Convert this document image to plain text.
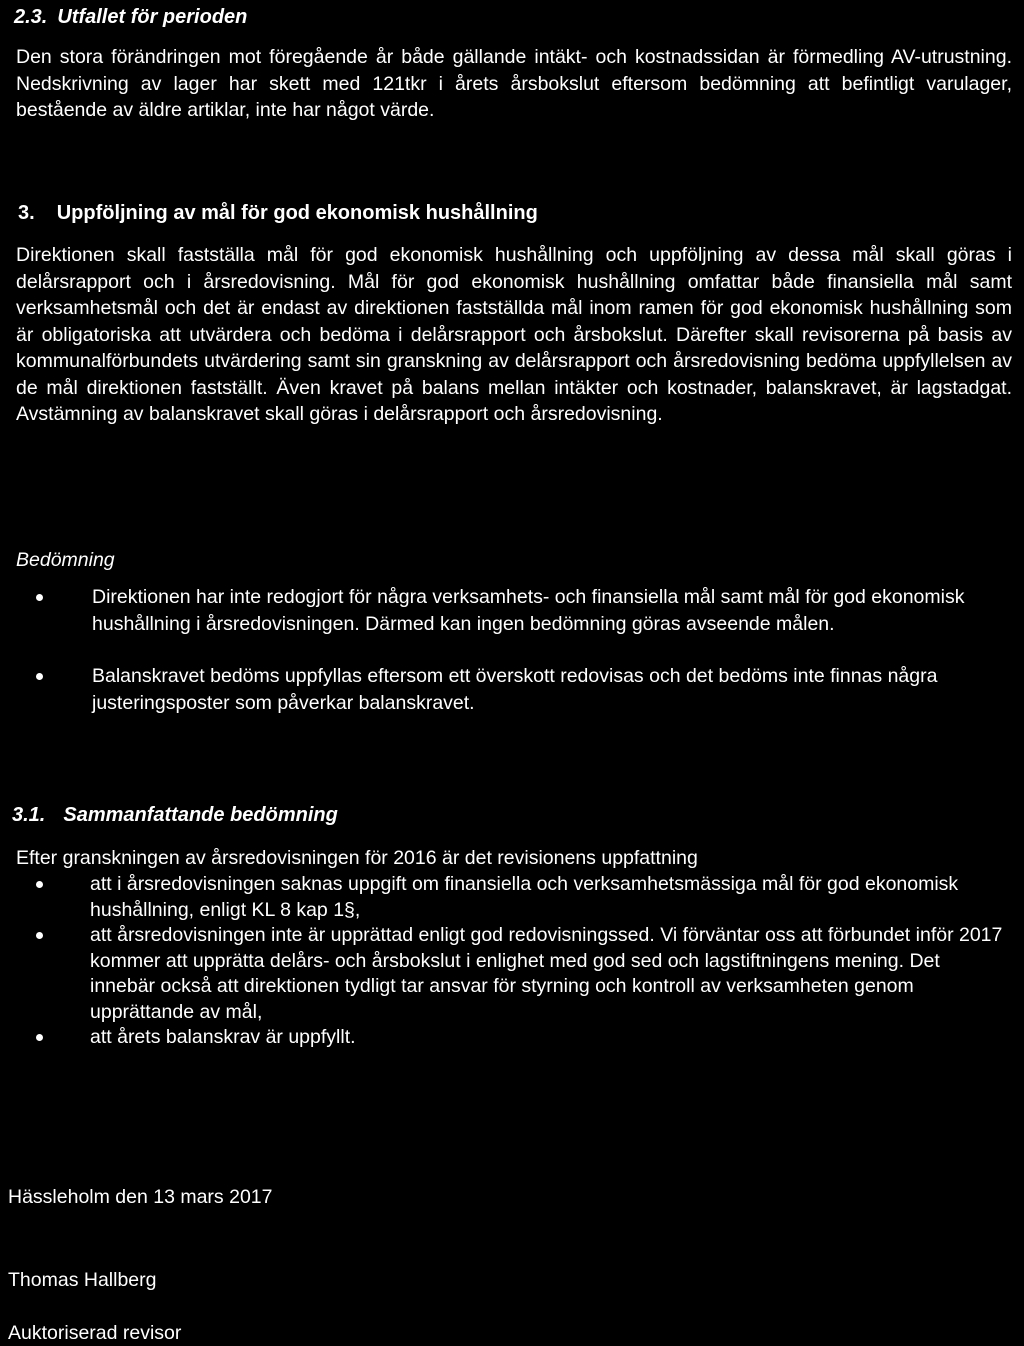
2.3. Utfallet för perioden

Den stora förändringen mot föregående år både gällande intäkt- och kostnadssidan är förmedling AV-utrustning. Nedskrivning av lager har skett med 121tkr i årets årsbokslut eftersom bedömning att befintligt varulager, bestående av äldre artiklar, inte har något värde.

3. Uppföljning av mål för god ekonomisk hushållning

Direktionen skall fastställa mål för god ekonomisk hushållning och uppföljning av dessa mål skall göras i delårsrapport och i årsredovisning. Mål för god ekonomisk hushållning omfattar både finansiella mål samt verksamhetsmål och det är endast av direktionen fastställda mål inom ramen för god ekonomisk hushållning som är obligatoriska att utvärdera och bedöma i delårsrapport och årsbokslut. Därefter skall revisorerna på basis av kommunalförbundets utvärdering samt sin granskning av delårsrapport och årsredovisning bedöma uppfyllelsen av de mål direktionen fastställt. Även kravet på balans mellan intäkter och kostnader, balanskravet, är lagstadgat. Avstämning av balanskravet skall göras i delårsrapport och årsredovisning.

Bedömning
Direktionen har inte redogjort för några verksamhets- och finansiella mål samt mål för god ekonomisk hushållning i årsredovisningen. Därmed kan ingen bedömning göras avseende målen.
Balanskravet bedöms uppfyllas eftersom ett överskott redovisas och det bedöms inte finnas några justeringsposter som påverkar balanskravet.
3.1. Sammanfattande bedömning
Efter granskningen av årsredovisningen för 2016 är det revisionens uppfattning
att i årsredovisningen saknas uppgift om finansiella och verksamhetsmässiga mål för god ekonomisk hushållning, enligt KL 8 kap 1§,
att årsredovisningen inte är upprättad enligt god redovisningssed. Vi förväntar oss att förbundet inför 2017 kommer att upprätta delårs- och årsbokslut i enlighet med god sed och lagstiftningens mening. Det innebär också att direktionen tydligt tar ansvar för styrning och kontroll av verksamheten genom upprättande av mål,
att årets balanskrav är uppfyllt.
Hässleholm den 13 mars 2017
Thomas Hallberg
Auktoriserad revisor
